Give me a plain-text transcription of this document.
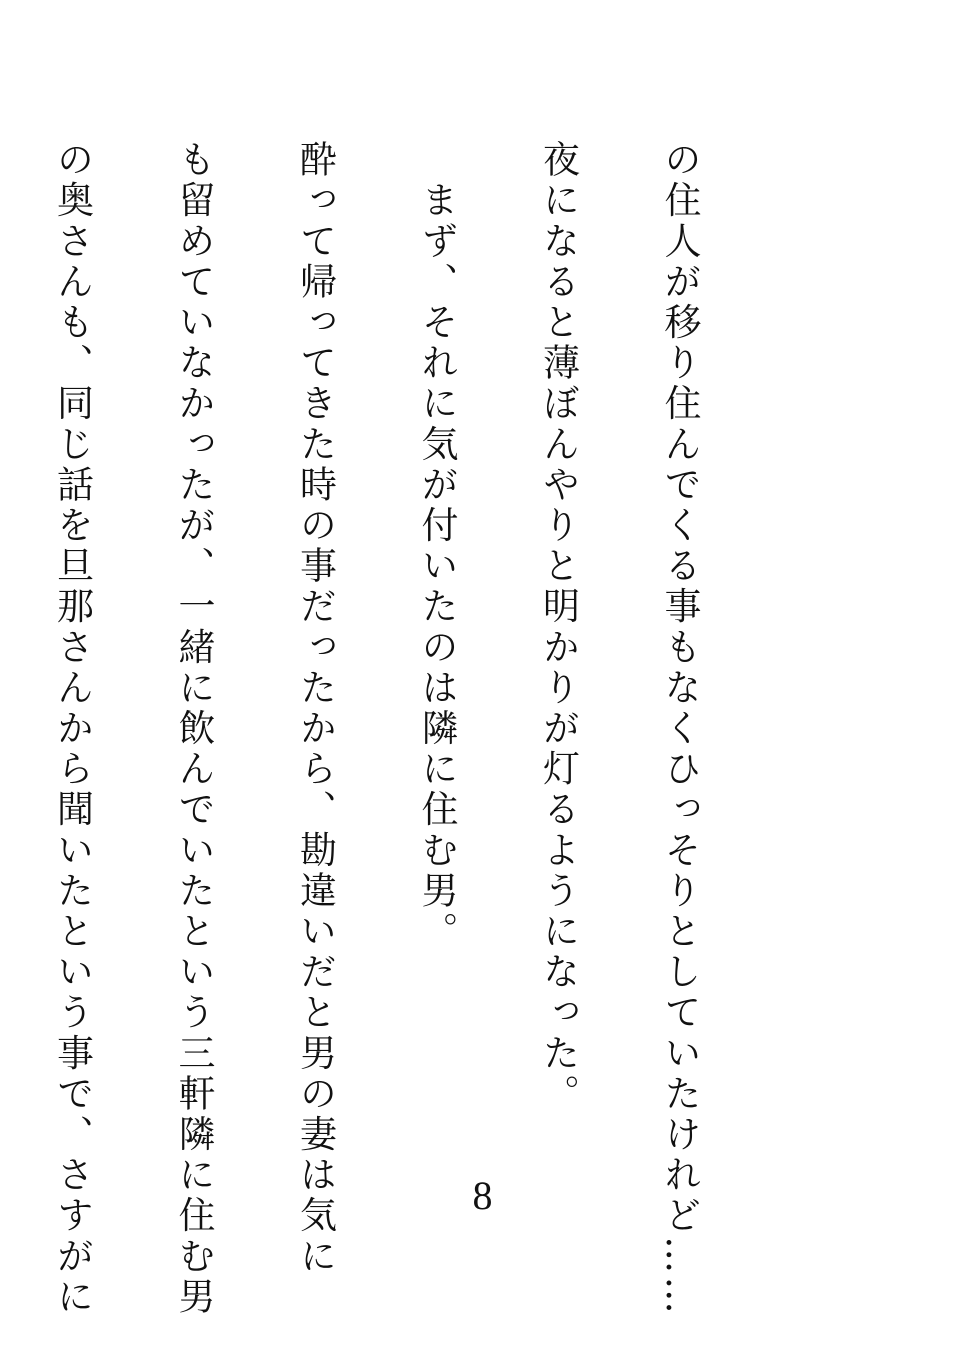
の住人が移り住んでくる事もなくひっそりとしていたけれど……

夜になると薄ぼんやりと明かりが灯るようになった。

　まず、それに気が付いたのは隣に住む男。

酔って帰ってきた時の事だったから、勘違いだと男の妻は気に

も留めていなかったが、一緒に飲んでいたという三軒隣に住む男

の奥さんも、同じ話を旦那さんから聞いたという事で、さすがに

	8
